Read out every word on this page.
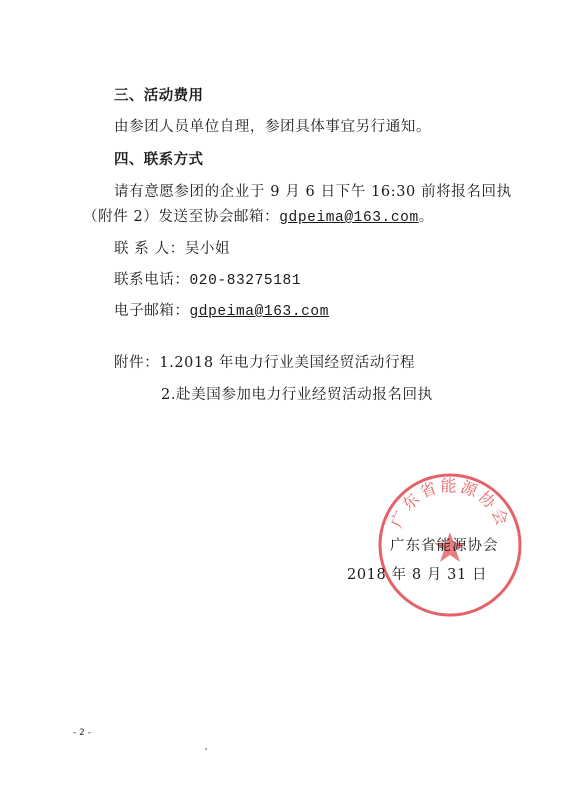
三、活动费用
由参团人员单位自理，参团具体事宜另行通知。
四、联系方式
请有意愿参团的企业于 9 月 6 日下午 16:30 前将报名回执
（附件 2）发送至协会邮箱：gdpeima@163.com。
联 系 人：吴小姐
联系电话：020-83275181
电子邮箱：gdpeima@163.com
附件：1.2018 年电力行业美国经贸活动行程
2.赴美国参加电力行业经贸活动报名回执
广东省能源协会
广东省能源协会
2018 年 8 月 31 日
- 2 -
